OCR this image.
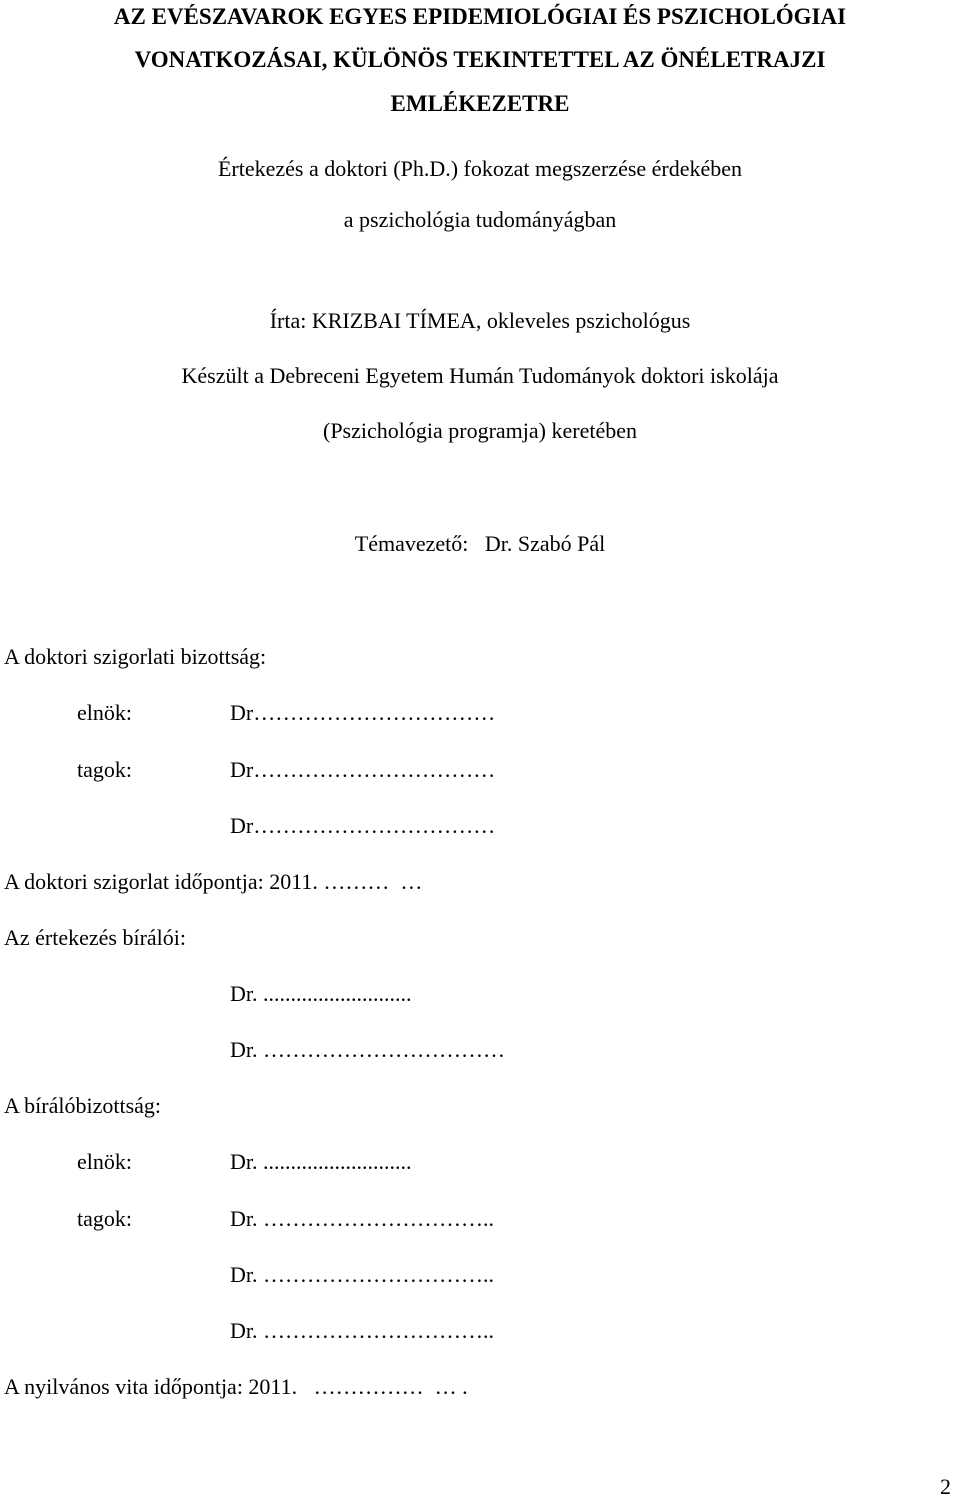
AZ EVÉSZAVAROK EGYES EPIDEMIOLÓGIAI ÉS PSZICHOLÓGIAI
VONATKOZÁSAI, KÜLÖNÖS TEKINTETTEL AZ ÖNÉLETRAJZI
EMLÉKEZETRE
Értekezés a doktori (Ph.D.) fokozat megszerzése érdekében
a pszichológia tudományágban
Írta: KRIZBAI TÍMEA, okleveles pszichológus
Készült a Debreceni Egyetem Humán Tudományok doktori iskolája
(Pszichológia programja) keretében
Témavezető:   Dr. Szabó Pál
A doktori szigorlati bizottság:
elnök:	Dr……………………………
tagok:	Dr……………………………
Dr……………………………
A doktori szigorlat időpontja: 2011. ………  …
Az értekezés bírálói:
Dr. ...........................
Dr. ……………………………
A bírálóbizottság:
elnök:	Dr. ...........................
tagok:	Dr. …………………………..
Dr. …………………………..
Dr. …………………………..
A nyilvános vita időpontja: 2011.   ……………  … .
2
